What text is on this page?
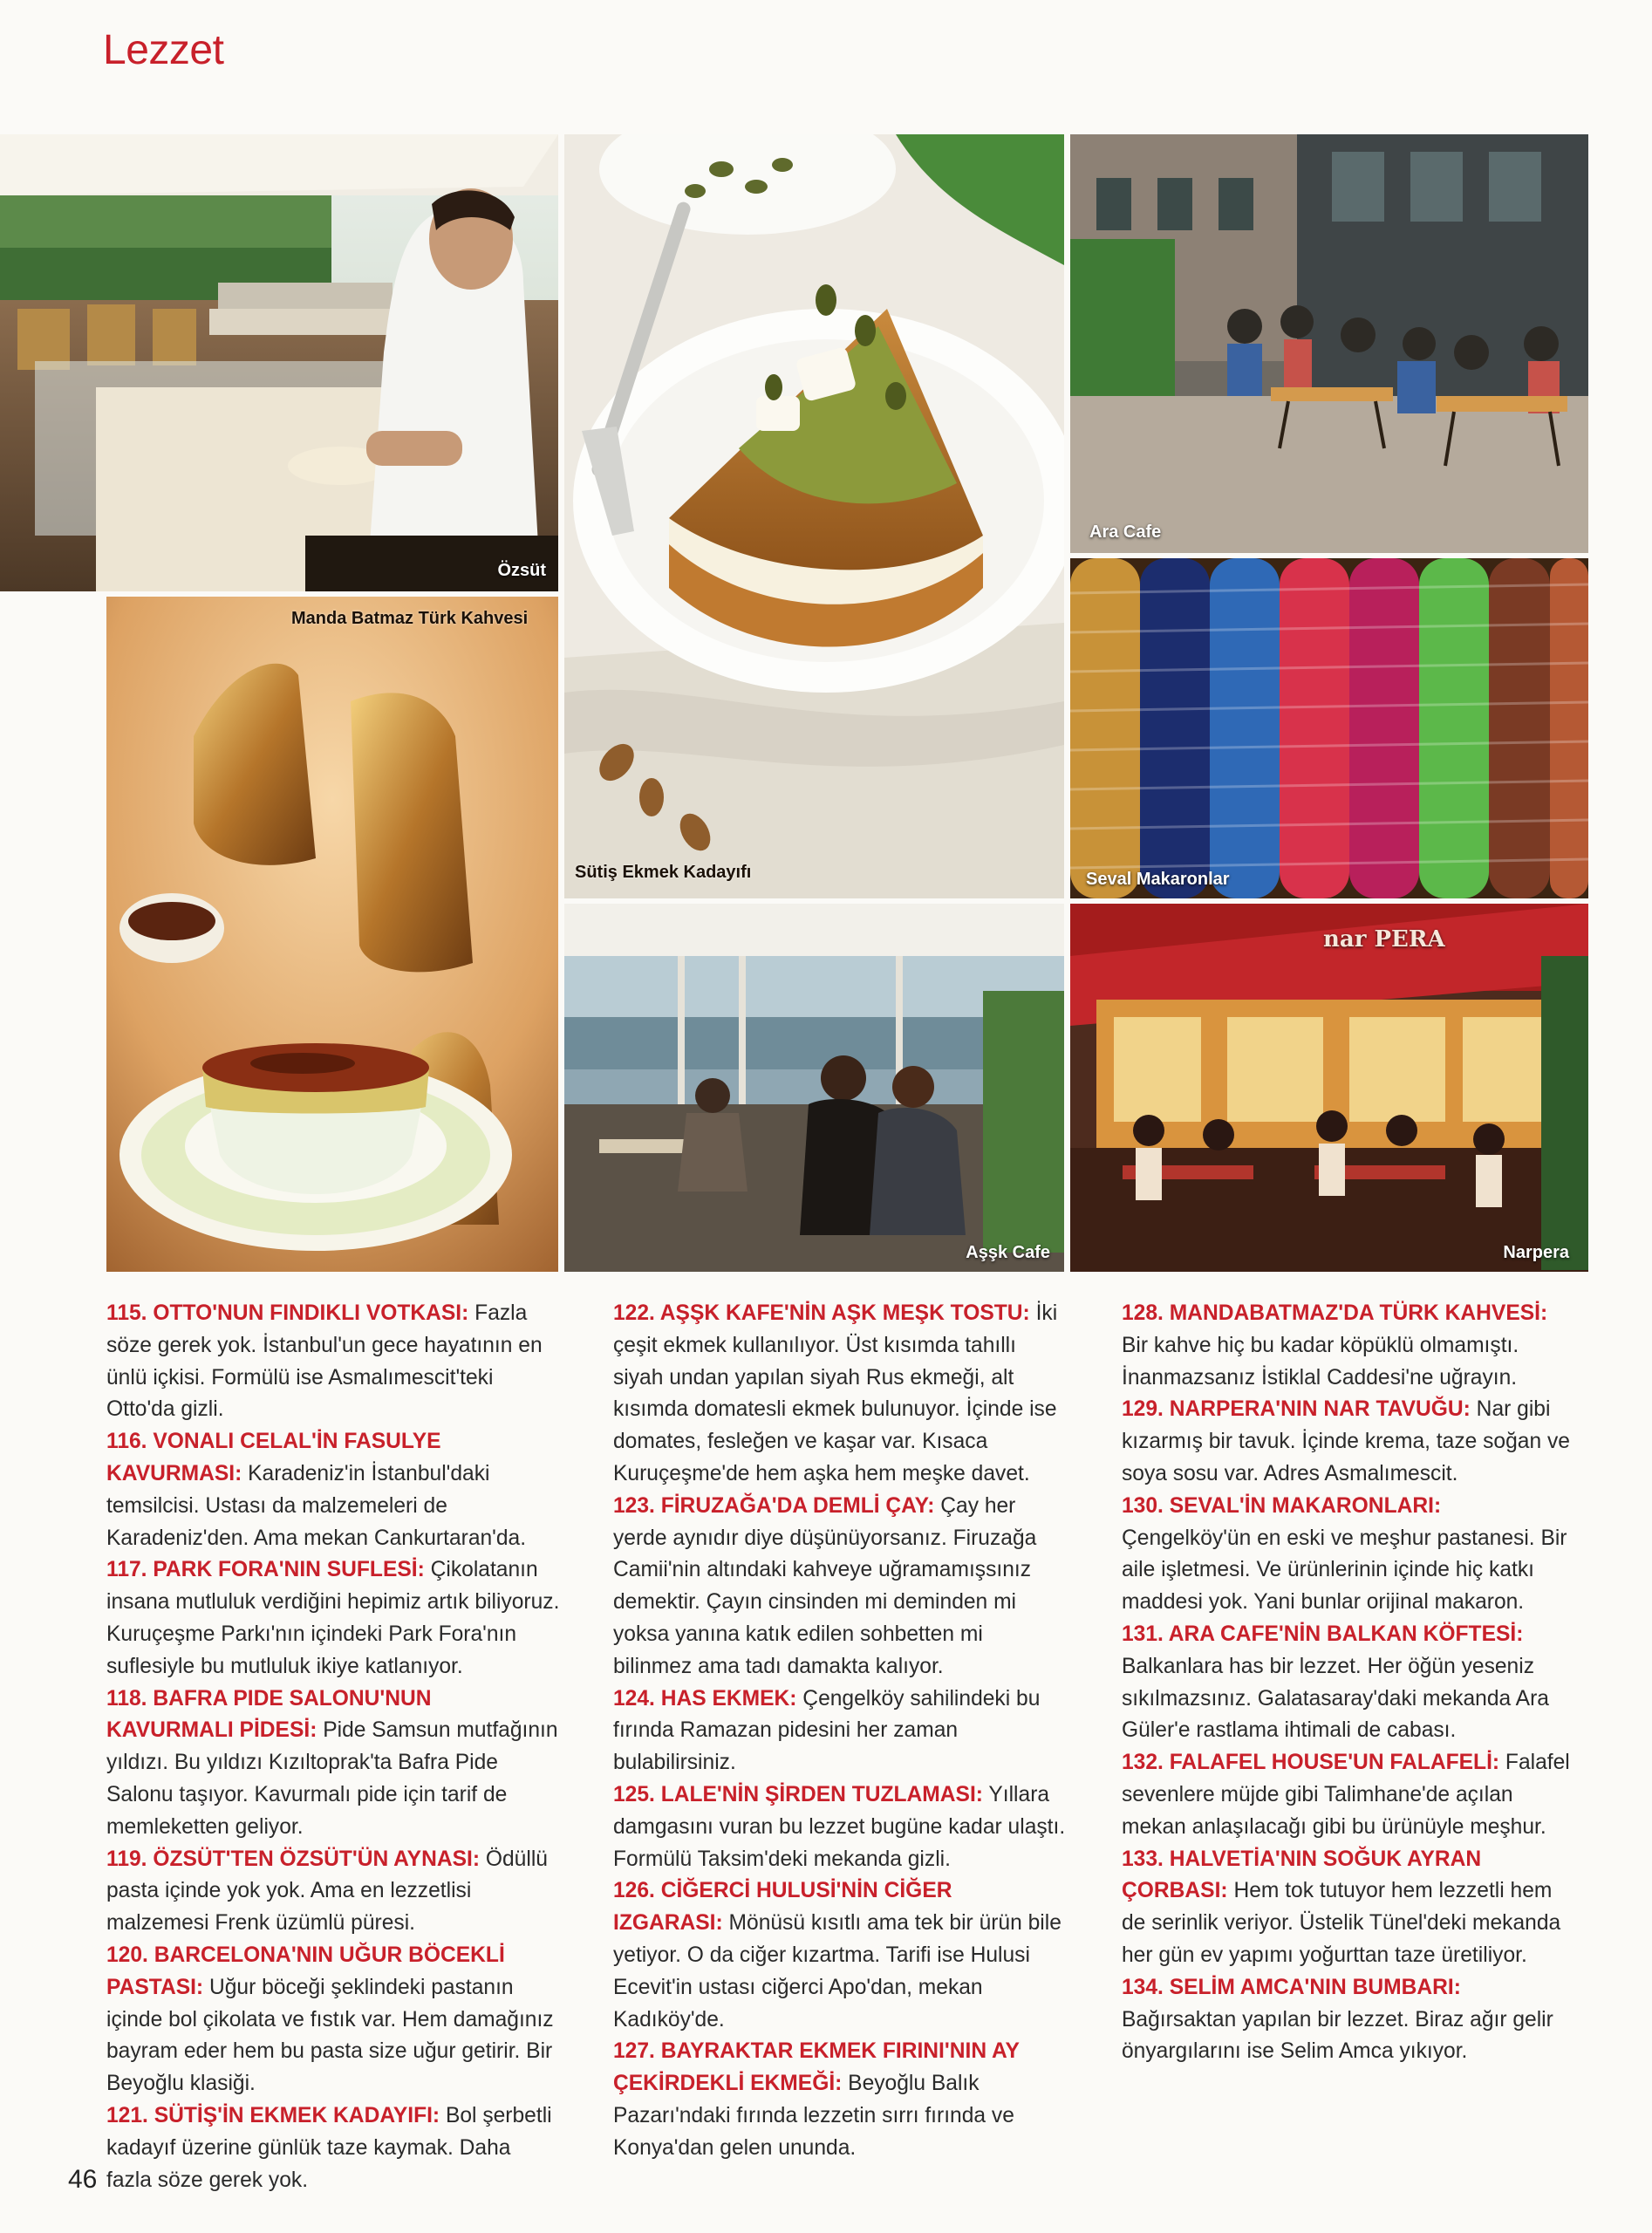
Lezzet
Özsüt
Manda Batmaz Türk Kahvesi
Sütiş Ekmek Kadayıfı
Ara Cafe
Seval Makaronlar
Aşşk Cafe
nar PERA
Narpera

115. OTTO'NUN FINDIKLI VOTKASI: Fazla söze gerek yok. İstanbul'un gece hayatının en ünlü içkisi. Formülü ise Asmalımescit'teki Otto'da gizli.

116. VONALI CELAL'İN FASULYE KAVURMASI: Karadeniz'in İstanbul'daki temsilcisi. Ustası da malzemeleri de Karadeniz'den. Ama mekan Cankurtaran'da.

117. PARK FORA'NIN SUFLESİ: Çikolatanın insana mutluluk verdiğini hepimiz artık biliyoruz. Kuruçeşme Parkı'nın içindeki Park Fora'nın suflesiyle bu mutluluk ikiye katlanıyor.

118. BAFRA PIDE SALONU'NUN KAVURMALI PİDESİ: Pide Samsun mutfağının yıldızı. Bu yıldızı Kızıltoprak'ta Bafra Pide Salonu taşıyor. Kavurmalı pide için tarif de memleketten geliyor.

119. ÖZSÜT'TEN ÖZSÜT'ÜN AYNASI: Ödüllü pasta içinde yok yok. Ama en lezzetlisi malzemesi Frenk üzümlü püresi.

120. BARCELONA'NIN UĞUR BÖCEKLİ PASTASI: Uğur böceği şeklindeki pastanın içinde bol çikolata ve fıstık var. Hem damağınız bayram eder hem bu pasta size uğur getirir. Bir Beyoğlu klasiği.

121. SÜTİŞ'İN EKMEK KADAYIFI: Bol şerbetli kadayıf üzerine günlük taze kaymak. Daha fazla söze gerek yok.

122. AŞŞK KAFE'NİN AŞK MEŞK TOSTU: İki çeşit ekmek kullanılıyor. Üst kısımda tahıllı siyah undan yapılan siyah Rus ekmeği, alt kısımda domatesli ekmek bulunuyor. İçinde ise domates, fesleğen ve kaşar var. Kısaca Kuruçeşme'de hem aşka hem meşke davet.

123. FİRUZAĞA'DA DEMLİ ÇAY: Çay her yerde aynıdır diye düşünüyorsanız. Firuzağa Camii'nin altındaki kahveye uğramamışsınız demektir. Çayın cinsinden mi deminden mi yoksa yanına katık edilen sohbetten mi bilinmez ama tadı damakta kalıyor.

124. HAS EKMEK: Çengelköy sahilindeki bu fırında Ramazan pidesini her zaman bulabilirsiniz.

125. LALE'NİN ŞİRDEN TUZLAMASI: Yıllara damgasını vuran bu lezzet bugüne kadar ulaştı. Formülü Taksim'deki mekanda gizli.

126. CİĞERCİ HULUSİ'NİN CİĞER IZGARASI: Mönüsü kısıtlı ama tek bir ürün bile yetiyor. O da ciğer kızartma. Tarifi ise Hulusi Ecevit'in ustası ciğerci Apo'dan, mekan Kadıköy'de.

127. BAYRAKTAR EKMEK FIRINI'NIN AY ÇEKİRDEKLİ EKMEĞİ: Beyoğlu Balık Pazarı'ndaki fırında lezzetin sırrı fırında ve Konya'dan gelen ununda.

128. MANDABATMAZ'DA TÜRK KAHVESİ: Bir kahve hiç bu kadar köpüklü olmamıştı. İnanmazsanız İstiklal Caddesi'ne uğrayın.

129. NARPERA'NIN NAR TAVUĞU: Nar gibi kızarmış bir tavuk. İçinde krema, taze soğan ve soya sosu var. Adres Asmalımescit.

130. SEVAL'İN MAKARONLARI: Çengelköy'ün en eski ve meşhur pastanesi. Bir aile işletmesi. Ve ürünlerinin içinde hiç katkı maddesi yok. Yani bunlar orijinal makaron.

131. ARA CAFE'NİN BALKAN KÖFTESİ: Balkanlara has bir lezzet. Her öğün yeseniz sıkılmazsınız. Galatasaray'daki mekanda Ara Güler'e rastlama ihtimali de cabası.

132. FALAFEL HOUSE'UN FALAFELİ: Falafel sevenlere müjde gibi Talimhane'de açılan mekan anlaşılacağı gibi bu ürünüyle meşhur.

133. HALVETİA'NIN SOĞUK AYRAN ÇORBASI: Hem tok tutuyor hem lezzetli hem de serinlik veriyor. Üstelik Tünel'deki mekanda her gün ev yapımı yoğurttan taze üretiliyor.

134. SELİM AMCA'NIN BUMBARI: Bağırsaktan yapılan bir lezzet. Biraz ağır gelir önyargılarını ise Selim Amca yıkıyor.

46
